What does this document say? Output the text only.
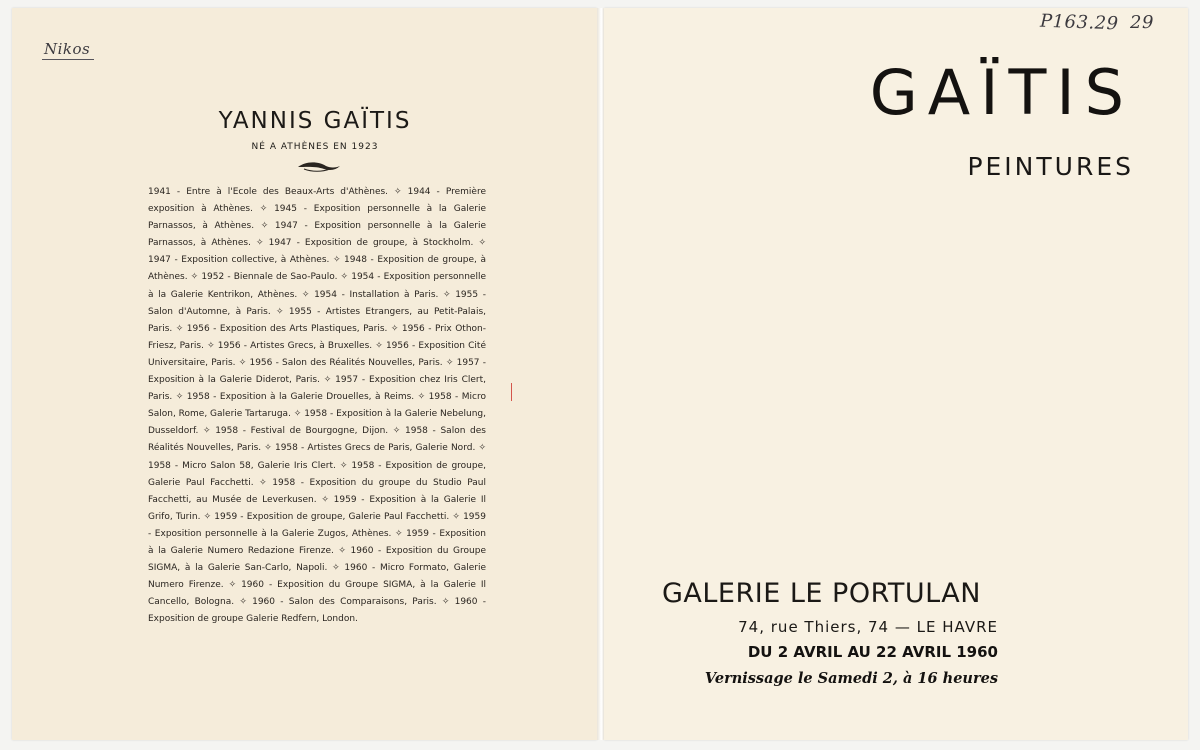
Nikos
P163.29 29
YANNIS GAÏTIS
NÉ A ATHÈNES EN 1923

1941 - Entre à l'Ecole des Beaux-Arts d'Athènes. ✧ 1944 - Première exposition à Athènes. ✧ 1945 - Exposition personnelle à la Galerie Parnassos, à Athènes. ✧ 1947 - Exposition personnelle à la Galerie Parnassos, à Athènes. ✧ 1947 - Exposition de groupe, à Stockholm. ✧ 1947 - Exposition collective, à Athènes. ✧ 1948 - Exposition de groupe, à Athènes. ✧ 1952 - Biennale de Sao-Paulo. ✧ 1954 - Exposition personnelle à la Galerie Kentrikon, Athènes. ✧ 1954 - Installation à Paris. ✧ 1955 - Salon d'Automne, à Paris. ✧ 1955 - Artistes Etrangers, au Petit-Palais, Paris. ✧ 1956 - Exposition des Arts Plastiques, Paris. ✧ 1956 - Prix Othon-Friesz, Paris. ✧ 1956 - Artistes Grecs, à Bruxelles. ✧ 1956 - Exposition Cité Universitaire, Paris. ✧ 1956 - Salon des Réalités Nouvelles, Paris. ✧ 1957 - Exposition à la Galerie Diderot, Paris. ✧ 1957 - Exposition chez Iris Clert, Paris. ✧ 1958 - Exposition à la Galerie Drouelles, à Reims. ✧ 1958 - Micro Salon, Rome, Galerie Tartaruga. ✧ 1958 - Exposition à la Galerie Nebelung, Dusseldorf. ✧ 1958 - Festival de Bourgogne, Dijon. ✧ 1958 - Salon des Réalités Nouvelles, Paris. ✧ 1958 - Artistes Grecs de Paris, Galerie Nord. ✧ 1958 - Micro Salon 58, Galerie Iris Clert. ✧ 1958 - Exposition de groupe, Galerie Paul Facchetti. ✧ 1958 - Exposition du groupe du Studio Paul Facchetti, au Musée de Leverkusen. ✧ 1959 - Exposition à la Galerie Il Grifo, Turin. ✧ 1959 - Exposition de groupe, Galerie Paul Facchetti. ✧ 1959 - Exposition personnelle à la Galerie Zugos, Athènes. ✧ 1959 - Exposition à la Galerie Numero Redazione Firenze. ✧ 1960 - Exposition du Groupe SIGMA, à la Galerie San-Carlo, Napoli. ✧ 1960 - Micro Formato, Galerie Numero Firenze. ✧ 1960 - Exposition du Groupe SIGMA, à la Galerie Il Cancello, Bologna. ✧ 1960 - Salon des Comparaisons, Paris. ✧ 1960 - Exposition de groupe Galerie Redfern, London.

GAÏTIS
PEINTURES
GALERIE LE PORTULAN
74, rue Thiers, 74 — LE HAVRE
DU 2 AVRIL AU 22 AVRIL 1960
Vernissage le Samedi 2, à 16 heures
